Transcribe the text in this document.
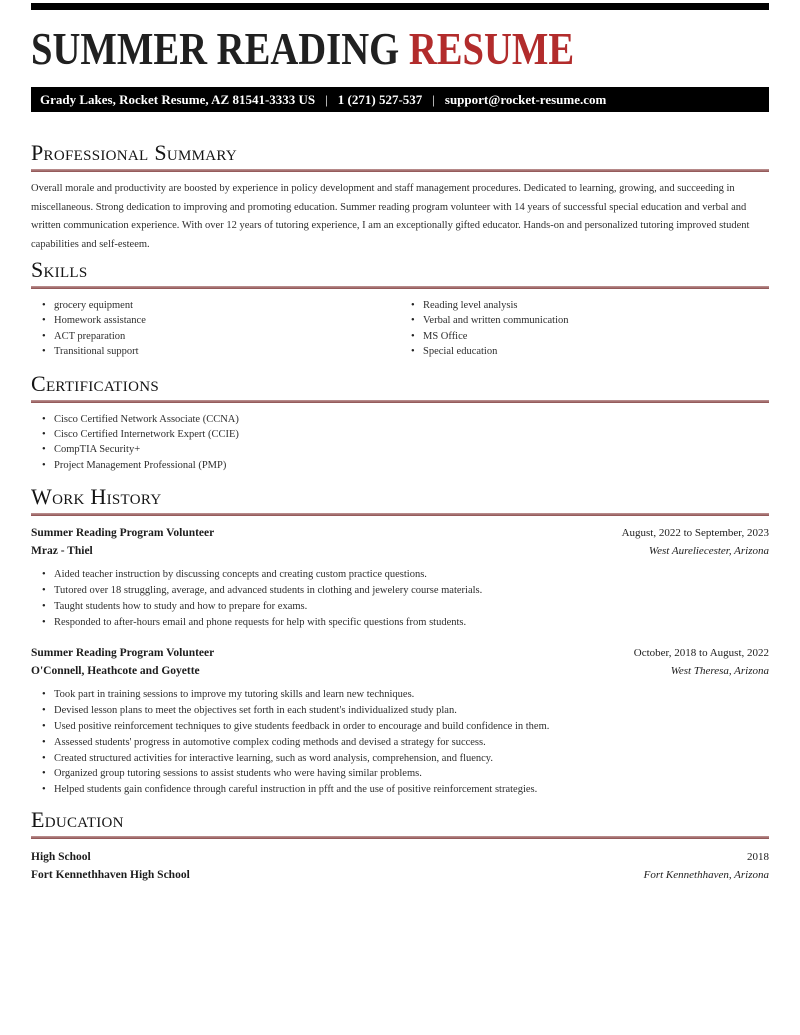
SUMMER READING RESUME
Grady Lakes, Rocket Resume, AZ 81541-3333 US | 1 (271) 527-537 | support@rocket-resume.com
Professional Summary

Overall morale and productivity are boosted by experience in policy development and staff management procedures. Dedicated to learning, growing, and succeeding in miscellaneous. Strong dedication to improving and promoting education. Summer reading program volunteer with 14 years of successful special education and verbal and written communication experience. With over 12 years of tutoring experience, I am an exceptionally gifted educator. Hands-on and personalized tutoring improved student capabilities and self-esteem.

Skills
• grocery equipment
• Homework assistance
• ACT preparation
• Transitional support
• Reading level analysis
• Verbal and written communication
• MS Office
• Special education
Certifications
• Cisco Certified Network Associate (CCNA)
• Cisco Certified Internetwork Expert (CCIE)
• CompTIA Security+
• Project Management Professional (PMP)
Work History
Summer Reading Program Volunteer	August, 2022 to September, 2023
Mraz - Thiel	West Aureliecester, Arizona
• Aided teacher instruction by discussing concepts and creating custom practice questions.
• Tutored over 18 struggling, average, and advanced students in clothing and jewelery course materials.
• Taught students how to study and how to prepare for exams.
• Responded to after-hours email and phone requests for help with specific questions from students.
Summer Reading Program Volunteer	October, 2018 to August, 2022
O'Connell, Heathcote and Goyette	West Theresa, Arizona
• Took part in training sessions to improve my tutoring skills and learn new techniques.
• Devised lesson plans to meet the objectives set forth in each student's individualized study plan.
• Used positive reinforcement techniques to give students feedback in order to encourage and build confidence in them.
• Assessed students' progress in automotive complex coding methods and devised a strategy for success.
• Created structured activities for interactive learning, such as word analysis, comprehension, and fluency.
• Organized group tutoring sessions to assist students who were having similar problems.
• Helped students gain confidence through careful instruction in pfft and the use of positive reinforcement strategies.
Education
High School	2018
Fort Kennethhaven High School	Fort Kennethhaven, Arizona
